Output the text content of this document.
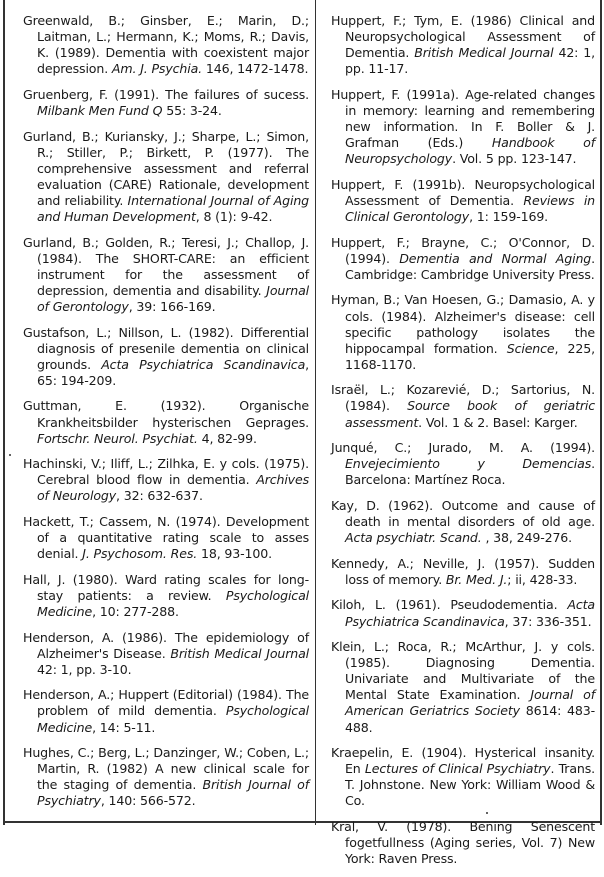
Greenwald, B.; Ginsber, E.; Marin, D.; Laitman, L.; Hermann, K.; Moms, R.; Davis, K. (1989). Dementia with coexistent major depression. Am. J. Psychia. 146, 1472-1478.

Gruenberg, F. (1991). The failures of sucess. Milbank Men Fund Q 55: 3-24.

Gurland, B.; Kuriansky, J.; Sharpe, L.; Simon, R.; Stiller, P.; Birkett, P. (1977). The comprehensive assessment and referral evaluation (CARE) Rationale, development and reliability. International Journal of Aging and Human Development, 8 (1): 9-42.

Gurland, B.; Golden, R.; Teresi, J.; Challop, J. (1984). The SHORT-CARE: an efficient instrument for the assessment of depression, dementia and disability. Journal of Gerontology, 39: 166-169.

Gustafson, L.; Nillson, L. (1982). Differential diagnosis of presenile dementia on clinical grounds. Acta Psychiatrica Scandinavica, 65: 194-209.

Guttman, E. (1932). Organische Krankheitsbilder hysterischen Geprages. Fortschr. Neurol. Psychiat. 4, 82-99.

Hachinski, V.; Iliff, L.; Zilhka, E. y cols. (1975). Cerebral blood flow in dementia. Archives of Neurology, 32: 632-637.

Hackett, T.; Cassem, N. (1974). Development of a quantitative rating scale to asses denial. J. Psychosom. Res. 18, 93-100.

Hall, J. (1980). Ward rating scales for long-stay patients: a review. Psychological Medicine, 10: 277-288.

Henderson, A. (1986). The epidemiology of Alzheimer's Disease. British Medical Journal 42: 1, pp. 3-10.

Henderson, A.; Huppert (Editorial) (1984). The problem of mild dementia. Psychological Medicine, 14: 5-11.

Hughes, C.; Berg, L.; Danzinger, W.; Coben, L.; Martin, R. (1982) A new clinical scale for the staging of dementia. British Journal of Psychiatry, 140: 566-572.

Huppert, F.; Tym, E. (1986) Clinical and Neuropsychological Assessment of Dementia. British Medical Journal 42: 1, pp. 11-17.

Huppert, F. (1991a). Age-related changes in memory: learning and remembering new information. In F. Boller & J. Grafman (Eds.) Handbook of Neuropsychology. Vol. 5 pp. 123-147.

Huppert, F. (1991b). Neuropsychological Assessment of Dementia. Reviews in Clinical Gerontology, 1: 159-169.

Huppert, F.; Brayne, C.; O'Connor, D. (1994). Dementia and Normal Aging. Cambridge: Cambridge University Press.

Hyman, B.; Van Hoesen, G.; Damasio, A. y cols. (1984). Alzheimer's disease: cell specific pathology isolates the hippocampal formation. Science, 225, 1168-1170.

Israël, L.; Kozarevié, D.; Sartorius, N. (1984). Source book of geriatric assessment. Vol. 1 & 2. Basel: Karger.

Junqué, C.; Jurado, M. A. (1994). Envejecimiento y Demencias. Barcelona: Martínez Roca.

Kay, D. (1962). Outcome and cause of death in mental disorders of old age. Acta psychiatr. Scand. , 38, 249-276.

Kennedy, A.; Neville, J. (1957). Sudden loss of memory. Br. Med. J.; ii, 428-33.

Kiloh, L. (1961). Pseudodementia. Acta Psychiatrica Scandinavica, 37: 336-351.

Klein, L.; Roca, R.; McArthur, J. y cols. (1985). Diagnosing Dementia. Univariate and Multivariate of the Mental State Examination. Journal of American Geriatrics Society 8614: 483-488.

Kraepelin, E. (1904). Hysterical insanity. En Lectures of Clinical Psychiatry. Trans. T. Johnstone. New York: William Wood & Co.

Kral, V. (1978). Bening Senescent fogetfullness (Aging series, Vol. 7) New York: Raven Press.
